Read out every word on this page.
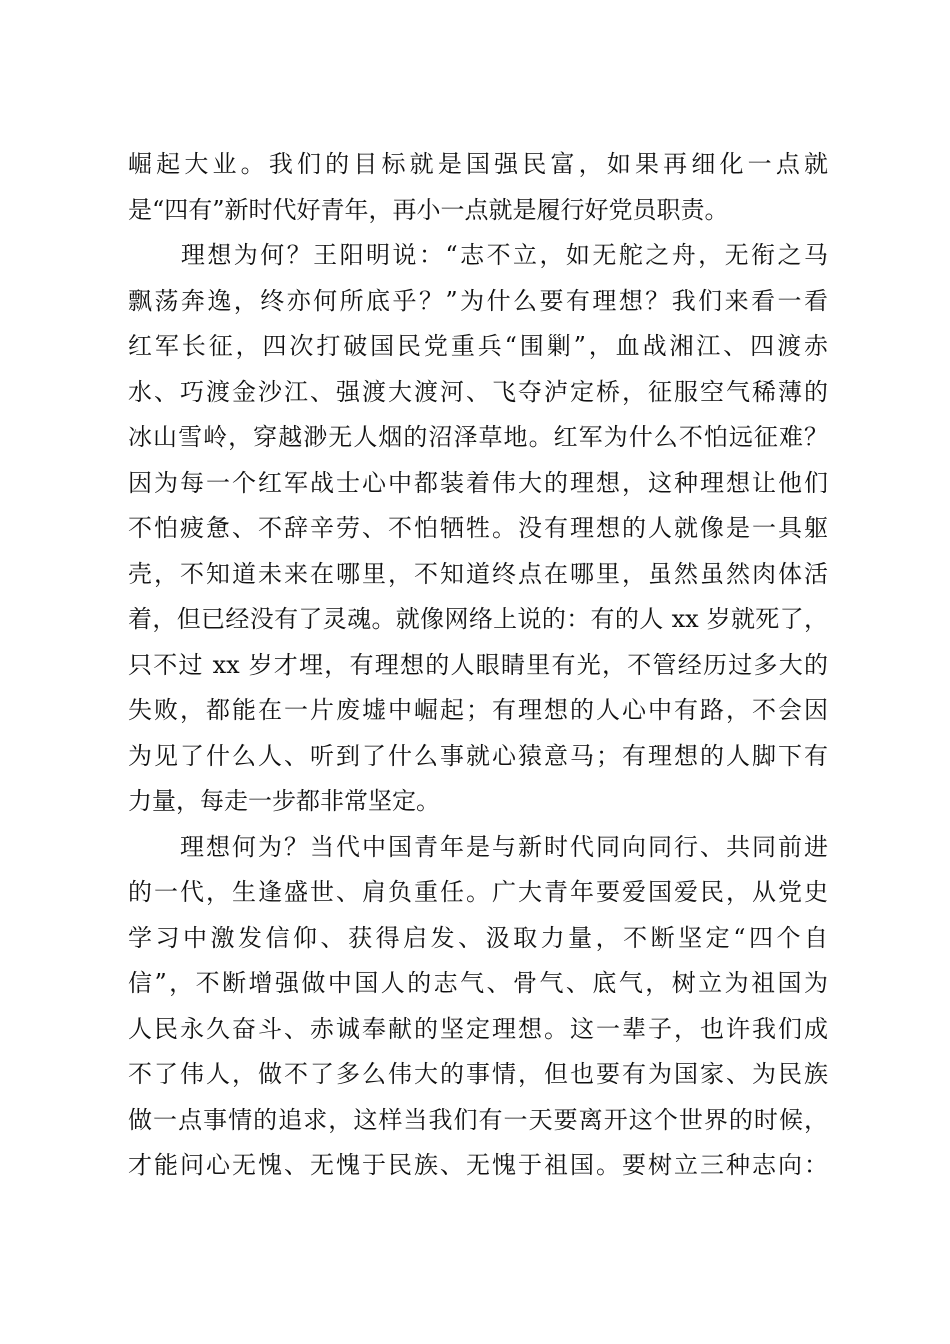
崛起大业。我们的目标就是国强民富，如果再细化一点就
是“四有”新时代好青年，再小一点就是履行好党员职责。
　　理想为何？王阳明说：“志不立，如无舵之舟，无衔之马
飘荡奔逸，终亦何所底乎？”为什么要有理想？我们来看一看
红军长征，四次打破国民党重兵“围剿”，血战湘江、四渡赤
水、巧渡金沙江、强渡大渡河、飞夺泸定桥，征服空气稀薄的
冰山雪岭，穿越渺无人烟的沼泽草地。红军为什么不怕远征难？
因为每一个红军战士心中都装着伟大的理想，这种理想让他们
不怕疲惫、不辞辛劳、不怕牺牲。没有理想的人就像是一具躯
壳，不知道未来在哪里，不知道终点在哪里，虽然虽然肉体活
着，但已经没有了灵魂。就像网络上说的：有的人 xx 岁就死了，
只不过 xx 岁才埋，有理想的人眼睛里有光，不管经历过多大的
失败，都能在一片废墟中崛起；有理想的人心中有路，不会因
为见了什么人、听到了什么事就心猿意马；有理想的人脚下有
力量，每走一步都非常坚定。
　　理想何为？当代中国青年是与新时代同向同行、共同前进
的一代，生逢盛世、肩负重任。广大青年要爱国爱民，从党史
学习中激发信仰、获得启发、汲取力量，不断坚定“四个自
信”，不断增强做中国人的志气、骨气、底气，树立为祖国为
人民永久奋斗、赤诚奉献的坚定理想。这一辈子，也许我们成
不了伟人，做不了多么伟大的事情，但也要有为国家、为民族
做一点事情的追求，这样当我们有一天要离开这个世界的时候，
才能问心无愧、无愧于民族、无愧于祖国。要树立三种志向：
